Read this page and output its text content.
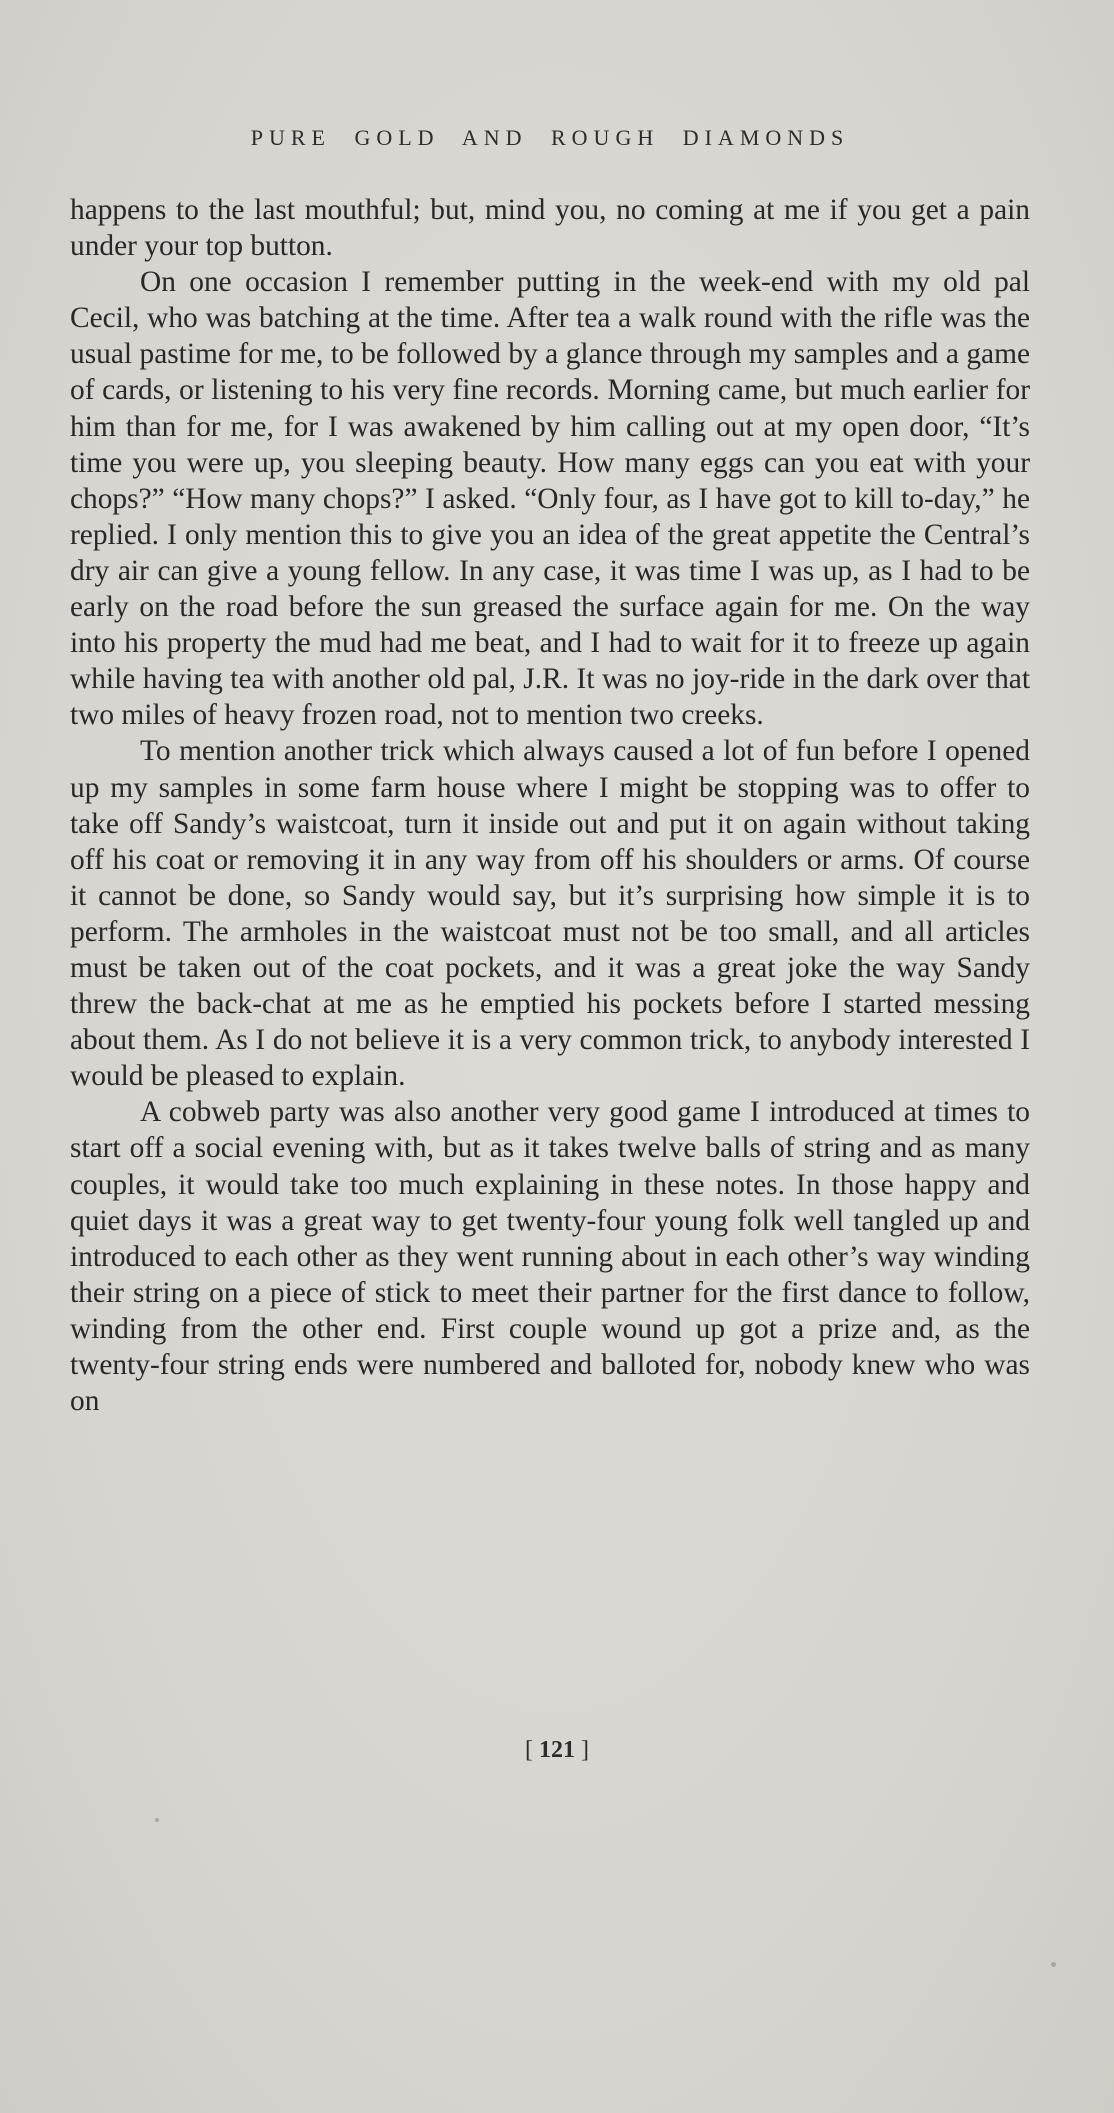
PURE GOLD AND ROUGH DIAMONDS

happens to the last mouthful; but, mind you, no coming at me if you get a pain under your top button.

On one occasion I remember putting in the week-end with my old pal Cecil, who was batching at the time. After tea a walk round with the rifle was the usual pastime for me, to be followed by a glance through my samples and a game of cards, or listening to his very fine records. Morning came, but much earlier for him than for me, for I was awakened by him calling out at my open door, “It’s time you were up, you sleeping beauty. How many eggs can you eat with your chops?” “How many chops?” I asked. “Only four, as I have got to kill to-day,” he replied. I only mention this to give you an idea of the great appetite the Central’s dry air can give a young fellow. In any case, it was time I was up, as I had to be early on the road before the sun greased the surface again for me. On the way into his property the mud had me beat, and I had to wait for it to freeze up again while having tea with another old pal, J.R. It was no joy-ride in the dark over that two miles of heavy frozen road, not to mention two creeks.

To mention another trick which always caused a lot of fun before I opened up my samples in some farm house where I might be stopping was to offer to take off Sandy’s waistcoat, turn it inside out and put it on again without taking off his coat or removing it in any way from off his shoulders or arms. Of course it cannot be done, so Sandy would say, but it’s surprising how simple it is to perform. The armholes in the waistcoat must not be too small, and all articles must be taken out of the coat pockets, and it was a great joke the way Sandy threw the back-chat at me as he emptied his pockets before I started messing about them. As I do not believe it is a very common trick, to anybody interested I would be pleased to explain.

A cobweb party was also another very good game I introduced at times to start off a social evening with, but as it takes twelve balls of string and as many couples, it would take too much explaining in these notes. In those happy and quiet days it was a great way to get twenty-four young folk well tangled up and introduced to each other as they went running about in each other’s way winding their string on a piece of stick to meet their partner for the first dance to follow, winding from the other end. First couple wound up got a prize and, as the twenty-four string ends were numbered and balloted for, nobody knew who was on

[ 121 ]
